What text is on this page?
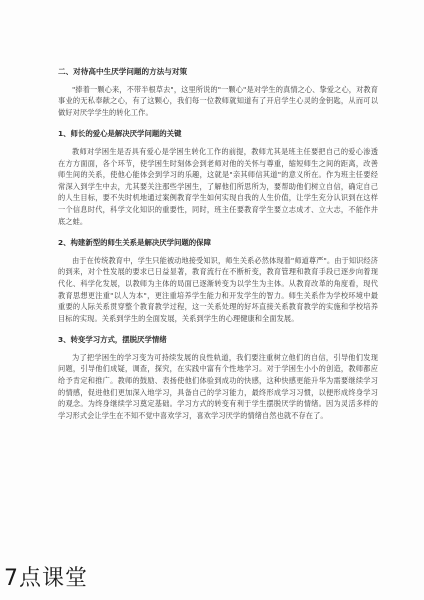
二、对待高中生厌学问题的方法与对策

"捧着一颗心来，不带半根草去"，这里所说的"一颗心"是对学生的真情之心、挚爱之心，对教育事业的无私奉献之心，有了这颗心，我们每一位教师就知道有了开启学生心灵的金钥匙，从而可以做好对厌学学生的转化工作。

1、师长的爱心是解决厌学问题的关键

教师对学困生是否具有爱心是学困生转化工作的前提，教师尤其是班主任要把自己的爱心渗透在方方面面，各个环节，使学困生时刻体会到老师对他的关怀与尊重，缩短师生之间的距离，改善师生间的关系，使他心能体会到学习的乐趣，这就是"亲其师信其道"的意义所在。作为班主任要经常深入到学生中去，尤其要关注那些学困生，了解他们所思所为，要帮助他们树立自信，确定自己的人生目标，要不失时机地通过案例教育学生如何实现自我的人生价值，让学生充分认识到在这样一个信息时代，科学文化知识的重要性，同时，班主任要教育学生要立志成才、立大志，不能作井底之蛙。

2、构建新型的师生关系是解决厌学问题的保障

由于在传统教育中，学生只能被动地接受知识，师生关系必然体现着"师道尊严"。由于知识经济的到来，对个性发展的要求已日益显著，教育流行在不断析变，教育管理和教育手段已逐步向着现代化、科学化发展，以教师为主体的局面已逐渐转变为以学生为主体。从教育改革的角度看，现代教育思想更注重"以人为本"，更注重培养学生能力和开发学生的智力。师生关系作为学校环境中最重要的人际关系贯穿整个教育教学过程，这一关系处理的好坏直接关系教育教学的实施和学校培养目标的实现。关系到学生的全面发展，关系到学生的心理健康和全面发展。

3、转变学习方式，摆脱厌学情绪

为了把学困生的学习变为可持续发展的良性轨道，我们要注重树立他们的自信，引导他们发现问题，引导他们成疑，调查，探究，在实践中富有个性地学习。对于学困生小小的创造，教师都应给予肯定和推广。教师的鼓励、表扬使他们体验到成功的快感，这种快感更能升华为需要继续学习的情感，促进他们更加深入地学习，具备自己的学习能力，最终形成学习习惯，以便形成终身学习的观念。为终身继续学习奠定基础。学习方式的转变有利于学生摆脱厌学的情绪。因为灵活多样的学习形式会让学生在不知不觉中喜欢学习，喜欢学习厌学的情绪自然也就不存在了。

7点课堂
